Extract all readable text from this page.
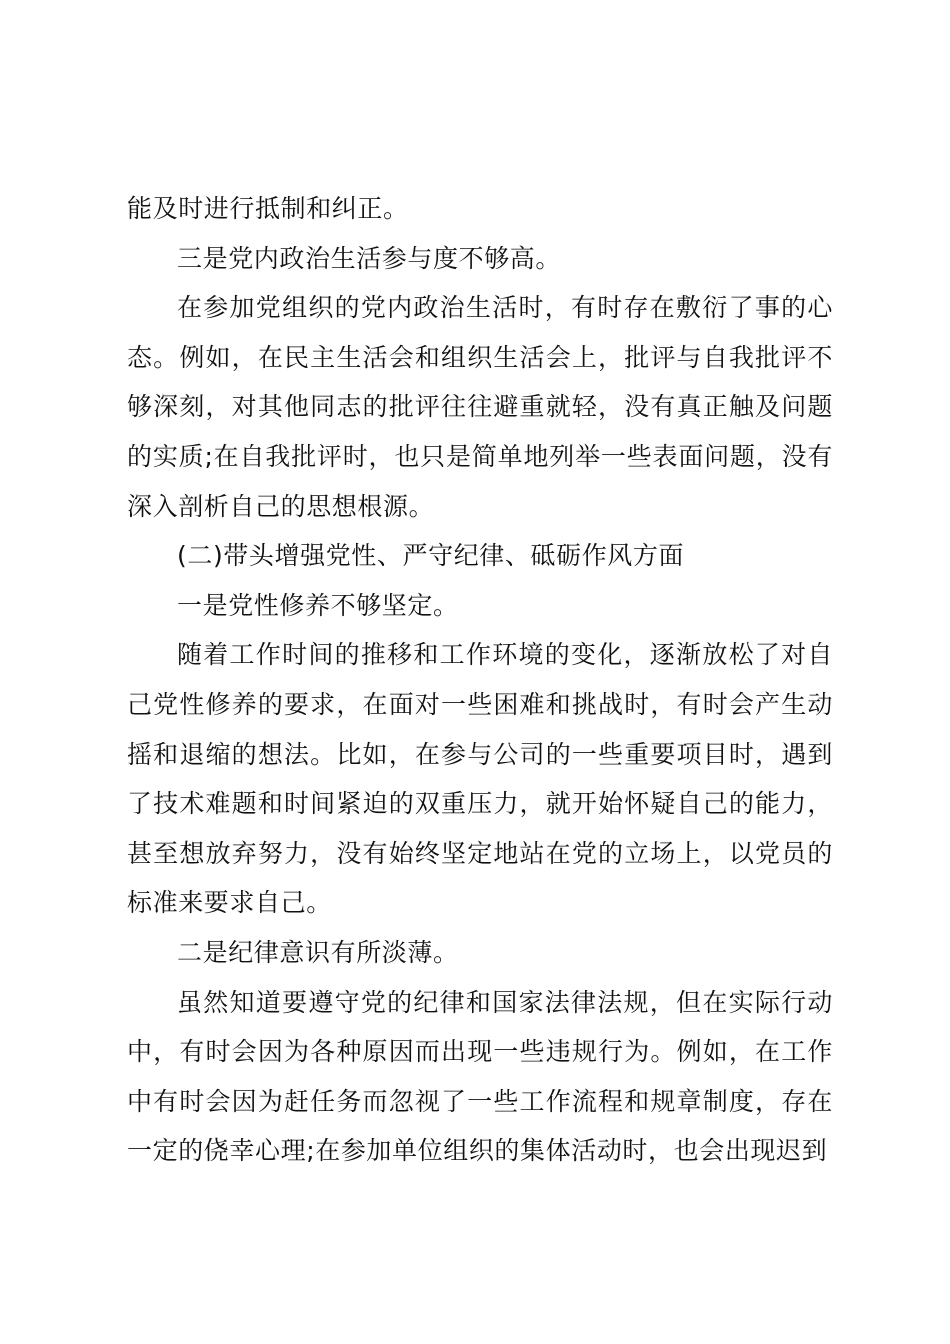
能及时进行抵制和纠正。

三是党内政治生活参与度不够高。

在参加党组织的党内政治生活时，有时存在敷衍了事的心态。例如，在民主生活会和组织生活会上，批评与自我批评不够深刻，对其他同志的批评往往避重就轻，没有真正触及问题的实质;在自我批评时，也只是简单地列举一些表面问题，没有深入剖析自己的思想根源。

(二)带头增强党性、严守纪律、砥砺作风方面

一是党性修养不够坚定。

随着工作时间的推移和工作环境的变化，逐渐放松了对自己党性修养的要求，在面对一些困难和挑战时，有时会产生动摇和退缩的想法。比如，在参与公司的一些重要项目时，遇到了技术难题和时间紧迫的双重压力，就开始怀疑自己的能力，甚至想放弃努力，没有始终坚定地站在党的立场上，以党员的标准来要求自己。

二是纪律意识有所淡薄。

虽然知道要遵守党的纪律和国家法律法规，但在实际行动中，有时会因为各种原因而出现一些违规行为。例如，在工作中有时会因为赶任务而忽视了一些工作流程和规章制度，存在一定的侥幸心理;在参加单位组织的集体活动时，也会出现迟到
